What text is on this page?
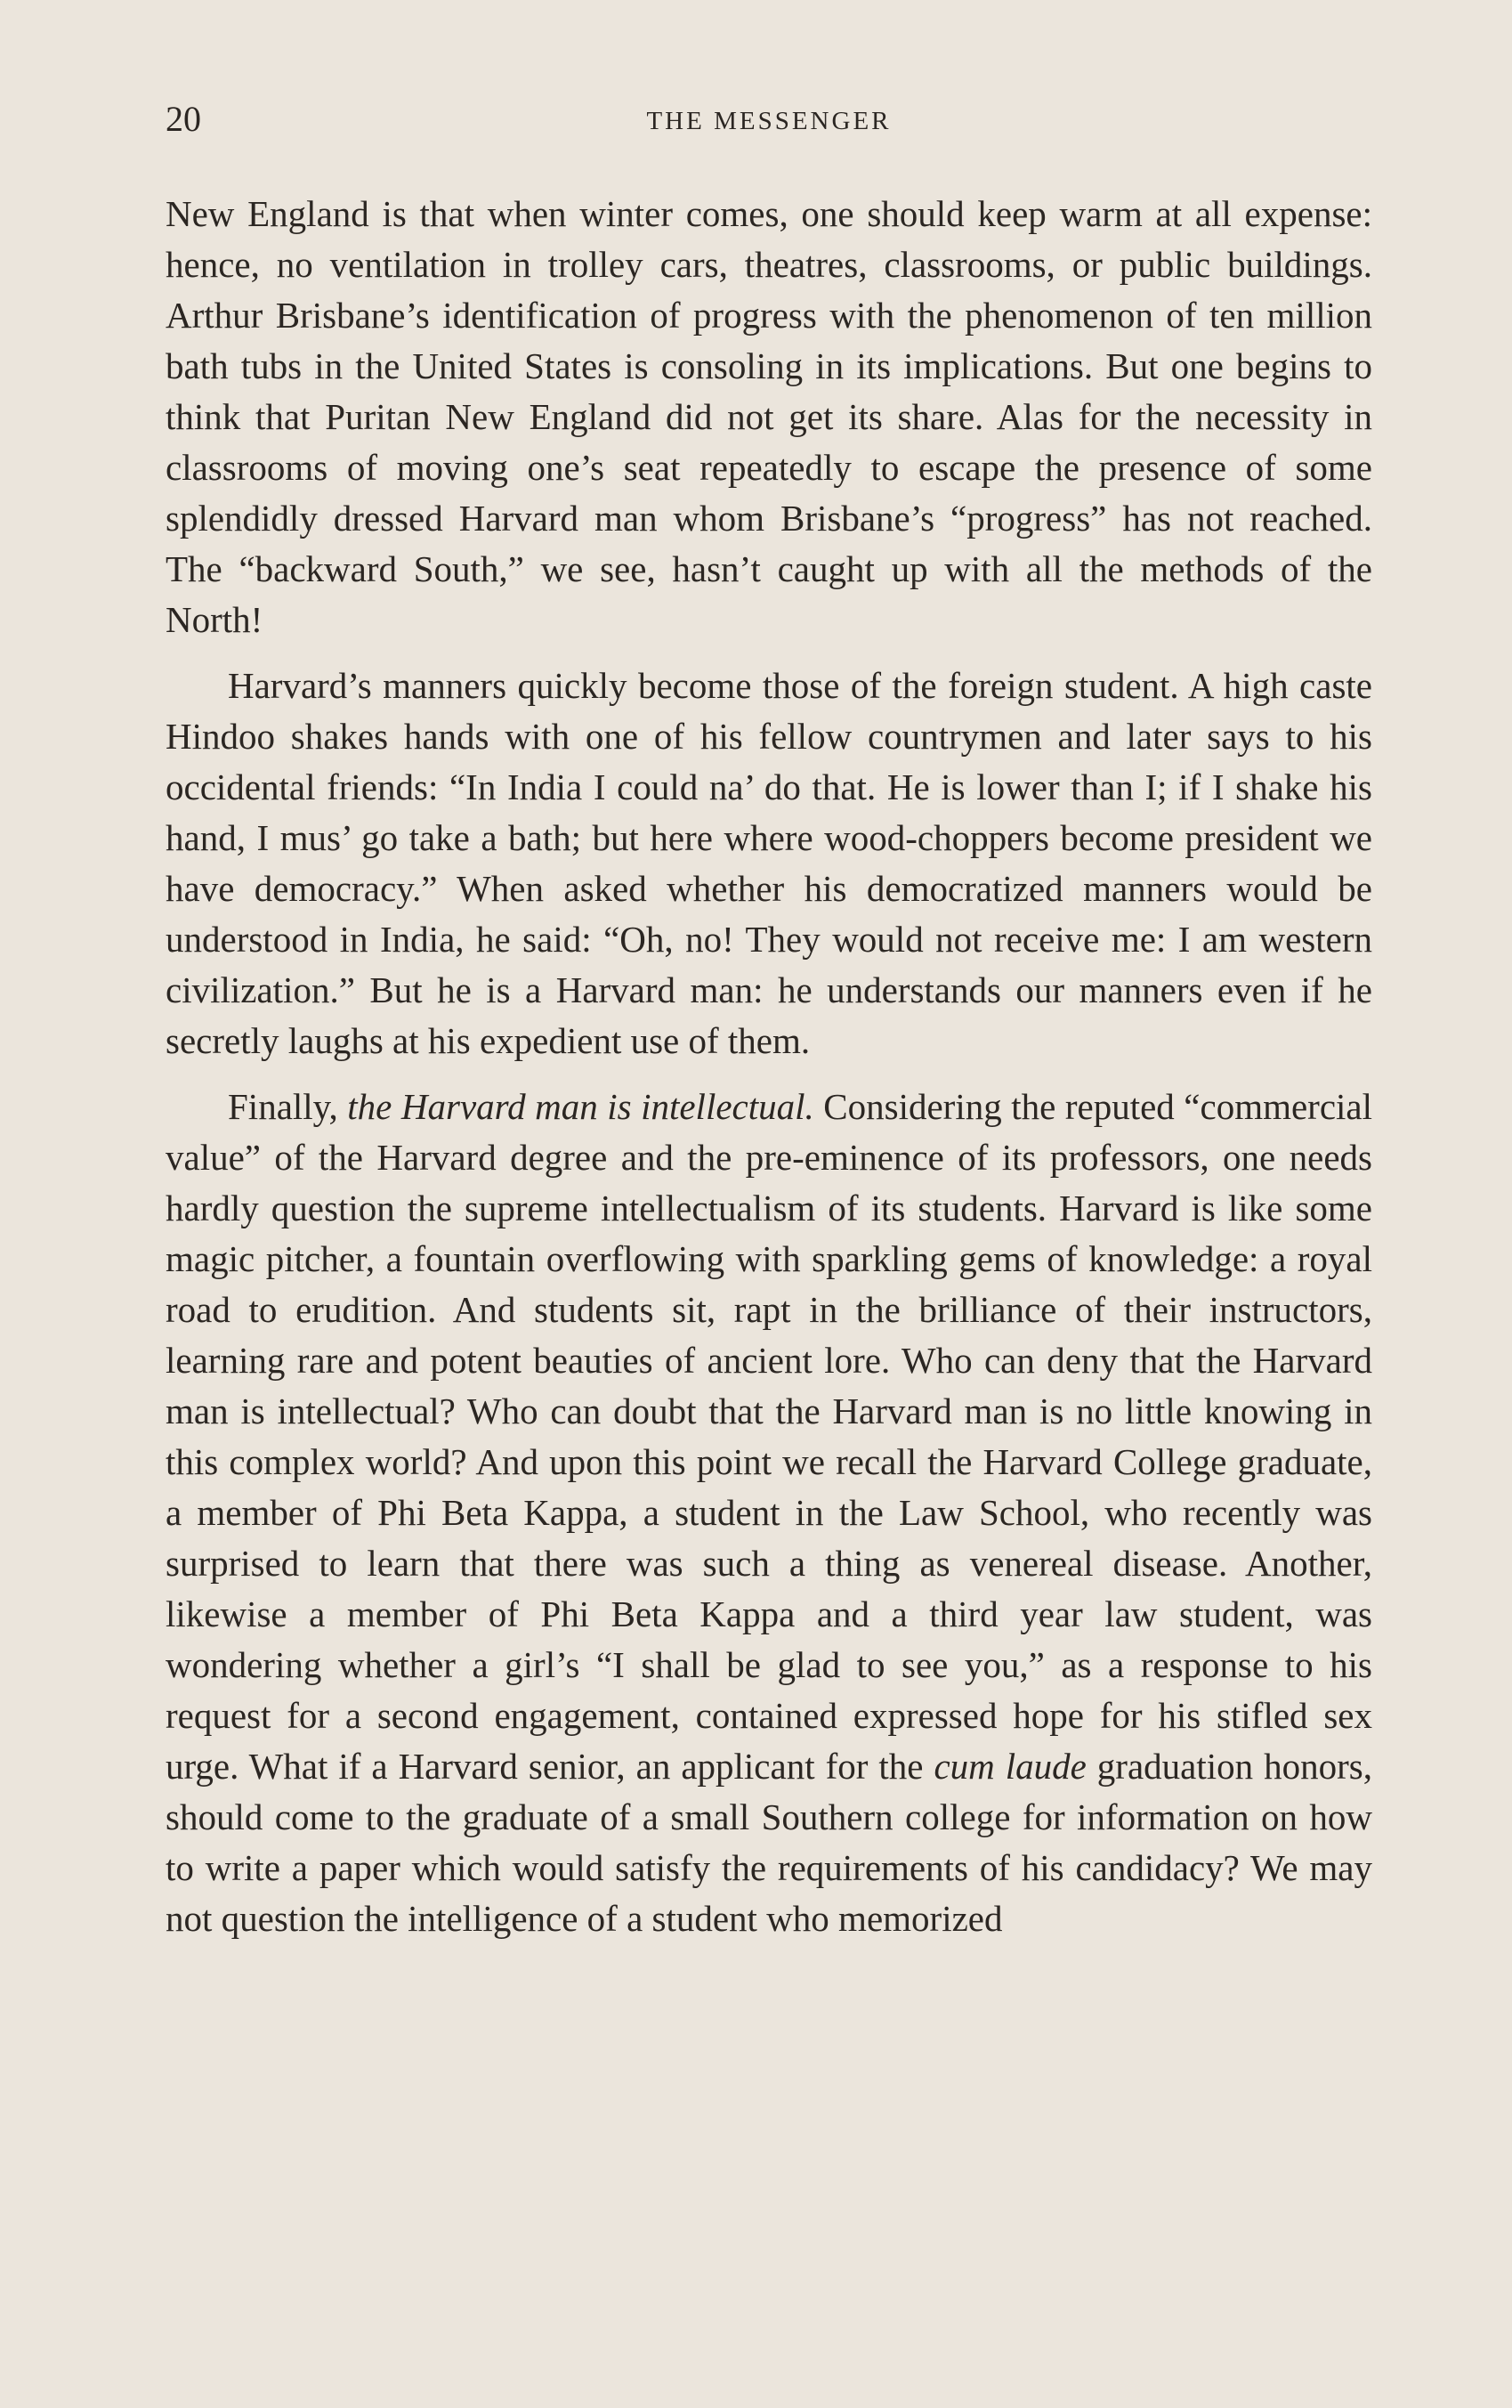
20	THE MESSENGER

New England is that when winter comes, one should keep warm at all expense: hence, no ventilation in trolley cars, theatres, classrooms, or public buildings. Arthur Brisbane’s identification of progress with the phenomenon of ten million bath tubs in the United States is consoling in its implications. But one begins to think that Puritan New England did not get its share. Alas for the necessity in classrooms of moving one’s seat repeatedly to escape the presence of some splendidly dressed Harvard man whom Brisbane’s “progress” has not reached. The “backward South,” we see, hasn’t caught up with all the methods of the North!

Harvard’s manners quickly become those of the foreign student. A high caste Hindoo shakes hands with one of his fellow countrymen and later says to his occidental friends: “In India I could na’ do that. He is lower than I; if I shake his hand, I mus’ go take a bath; but here where wood-choppers become president we have democracy.” When asked whether his democratized manners would be understood in India, he said: “Oh, no! They would not receive me: I am western civilization.” But he is a Harvard man: he understands our manners even if he secretly laughs at his expedient use of them.

Finally, the Harvard man is intellectual. Considering the reputed “commercial value” of the Harvard degree and the pre-eminence of its professors, one needs hardly question the supreme intellectualism of its students. Harvard is like some magic pitcher, a fountain overflowing with sparkling gems of knowledge: a royal road to erudition. And students sit, rapt in the brilliance of their instructors, learning rare and potent beauties of ancient lore. Who can deny that the Harvard man is intellectual? Who can doubt that the Harvard man is no little knowing in this complex world? And upon this point we recall the Harvard College graduate, a member of Phi Beta Kappa, a student in the Law School, who recently was surprised to learn that there was such a thing as venereal disease. Another, likewise a member of Phi Beta Kappa and a third year law student, was wondering whether a girl’s “I shall be glad to see you,” as a response to his request for a second engagement, contained expressed hope for his stifled sex urge. What if a Harvard senior, an applicant for the cum laude graduation honors, should come to the graduate of a small Southern college for information on how to write a paper which would satisfy the requirements of his candidacy? We may not question the intelligence of a student who memorized
